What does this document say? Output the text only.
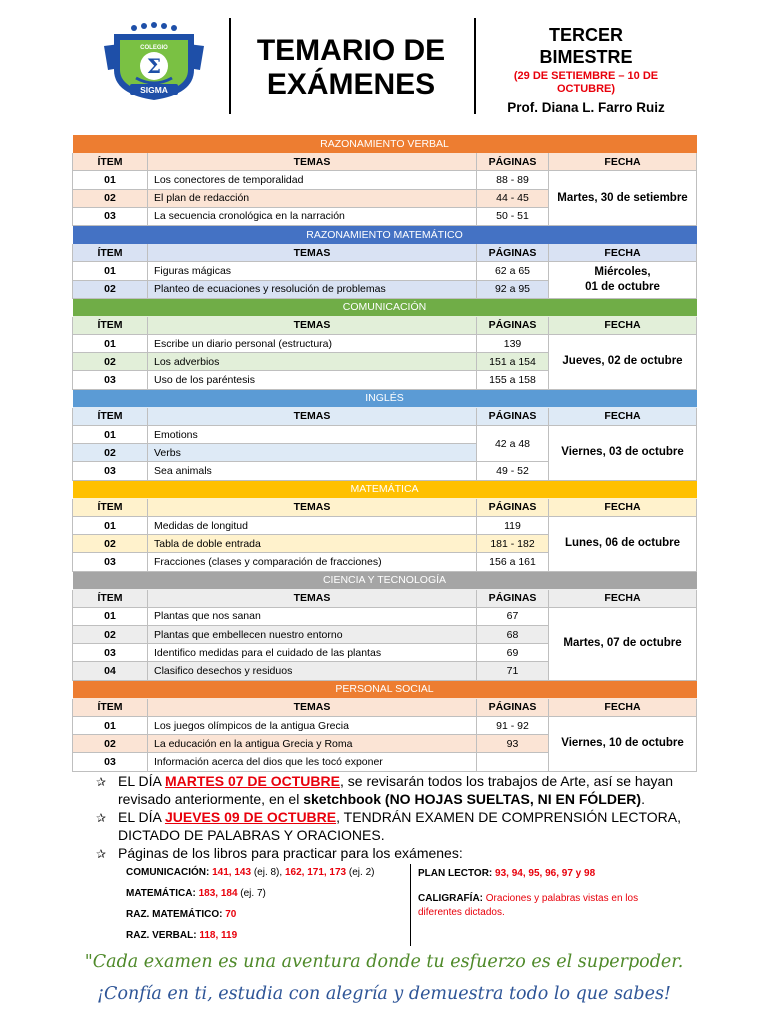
COLEGIO
Σ
SIGMA
TEMARIO DE
EXÁMENES
TERCER
BIMESTRE
(29 DE SETIEMBRE – 10 DE OCTUBRE)
Prof. Diana L. Farro Ruiz
RAZONAMIENTO VERBAL			
ÍTEM	TEMAS	PÁGINAS	FECHA
01	Los conectores de temporalidad	88 - 89	Martes, 30 de setiembre
02	El plan de redacción	44 - 45	
03	La secuencia cronológica en la narración	50 - 51	
RAZONAMIENTO MATEMÁTICO			
ÍTEM	TEMAS	PÁGINAS	FECHA
01	Figuras mágicas	62 a 65	Miércoles,
01 de octubre
02	Planteo de ecuaciones y resolución de problemas	92 a 95	
COMUNICACIÓN			
ÍTEM	TEMAS	PÁGINAS	FECHA
01	Escribe un diario personal (estructura)	139	Jueves, 02 de octubre
02	Los adverbios	151 a 154	
03	Uso de los paréntesis	155 a 158	
INGLÉS			
ÍTEM	TEMAS	PÁGINAS	FECHA
01	Emotions	42 a 48	Viernes, 03 de octubre
02	Verbs		
03	Sea animals	49 - 52	
MATEMÁTICA			
ÍTEM	TEMAS	PÁGINAS	FECHA
01	Medidas de longitud	119	Lunes, 06 de octubre
02	Tabla de doble entrada	181 - 182	
03	Fracciones (clases y comparación de fracciones)	156 a 161	
CIENCIA Y TECNOLOGÍA			
ÍTEM	TEMAS	PÁGINAS	FECHA
01	Plantas que nos sanan	67	Martes, 07 de octubre
02	Plantas que embellecen nuestro entorno	68	
03	Identifico medidas para el cuidado de las plantas	69	
04	Clasifico desechos y residuos	71	
PERSONAL SOCIAL			
ÍTEM	TEMAS	PÁGINAS	FECHA
01	Los juegos olímpicos de la antigua Grecia	91 - 92	Viernes, 10 de octubre
02	La educación en la antigua Grecia y Roma	93	
03	Información acerca del dios que les tocó exponer		
✰ EL DÍA MARTES 07 DE OCTUBRE, se revisarán todos los trabajos de Arte, así se hayan revisado anteriormente, en el sketchbook (NO HOJAS SUELTAS, NI EN FÓLDER).
✰ EL DÍA JUEVES 09 DE OCTUBRE, TENDRÁN EXAMEN DE COMPRENSIÓN LECTORA, DICTADO DE PALABRAS Y ORACIONES.
✰ Páginas de los libros para practicar para los exámenes:
COMUNICACIÓN: 141, 143 (ej. 8), 162, 171, 173 (ej. 2)
MATEMÁTICA: 183, 184 (ej. 7)
RAZ. MATEMÁTICO: 70
RAZ. VERBAL: 118, 119
PLAN LECTOR: 93, 94, 95, 96, 97 y 98
CALIGRAFÍA: Oraciones y palabras vistas en los diferentes dictados.
"Cada examen es una aventura donde tu esfuerzo es el superpoder.
¡Confía en ti, estudia con alegría y demuestra todo lo que sabes!
